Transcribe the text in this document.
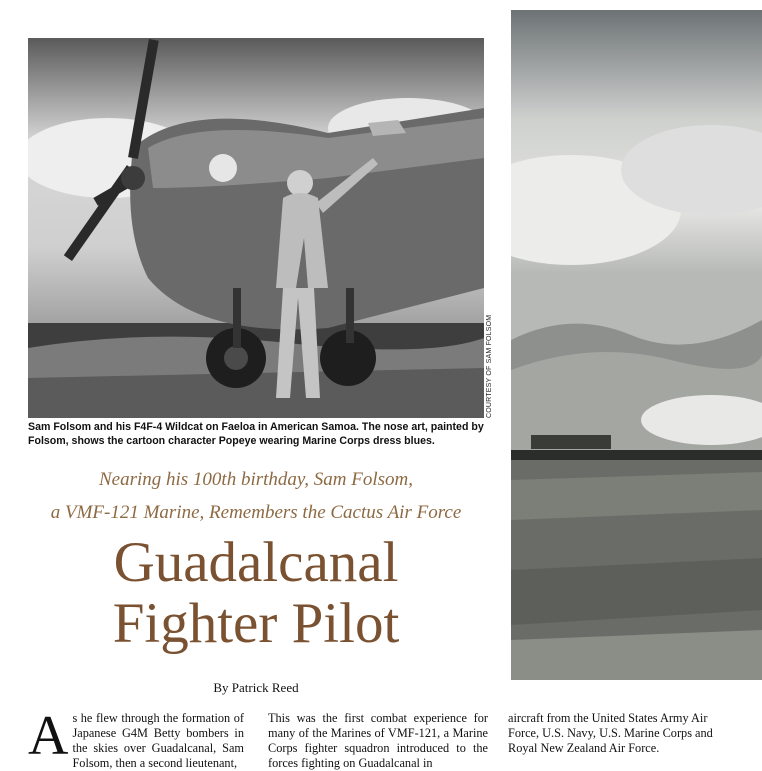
COURTESY OF SAM FOLSOM
Sam Folsom and his F4F-4 Wildcat on Faeloa in American Samoa. The nose art, painted by Folsom, shows the cartoon character Popeye wearing Marine Corps dress blues.
Nearing his 100th birthday, Sam Folsom,
a VMF-121 Marine, Remembers the Cactus Air Force
Guadalcanal
Fighter Pilot
By Patrick Reed
A s he flew through the formation of Japanese G4M Betty bombers in the skies over Guadalcanal, Sam Folsom, then a second lieutenant,
This was the first combat experience for many of the Marines of VMF-121, a Marine Corps fighter squadron introduced to the forces fighting on Guadalcanal in
aircraft from the United States Army Air Force, U.S. Navy, U.S. Marine Corps and Royal New Zealand Air Force.
